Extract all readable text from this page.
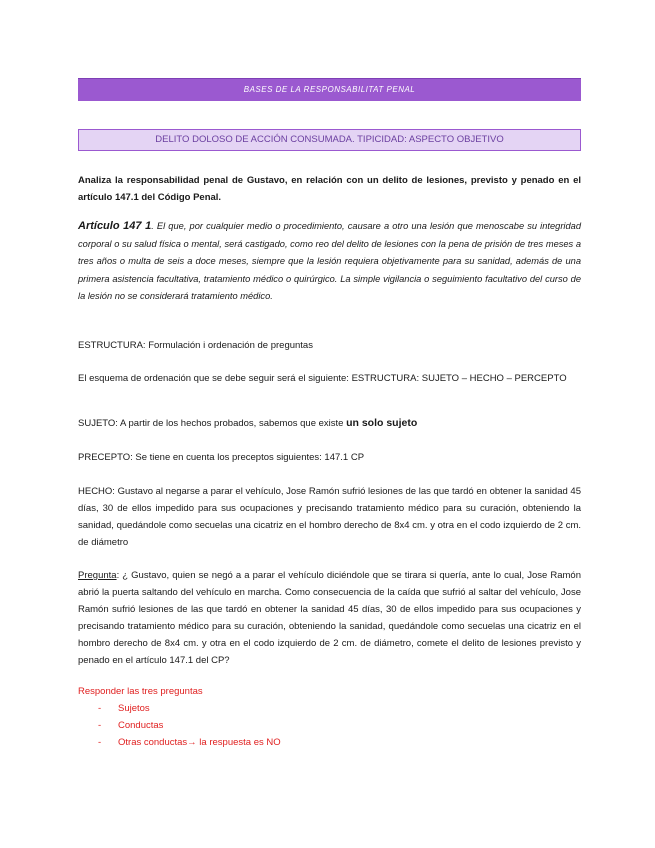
BASES DE LA RESPONSABILITAT PENAL
DELITO DOLOSO DE ACCIÓN CONSUMADA. TIPICIDAD: ASPECTO OBJETIVO
Analiza la responsabilidad penal de Gustavo, en relación con un delito de lesiones, previsto y penado en el artículo 147.1 del Código Penal.
Artículo 147 1. El que, por cualquier medio o procedimiento, causare a otro una lesión que menoscabe su integridad corporal o su salud física o mental, será castigado, como reo del delito de lesiones con la pena de prisión de tres meses a tres años o multa de seis a doce meses, siempre que la lesión requiera objetivamente para su sanidad, además de una primera asistencia facultativa, tratamiento médico o quirúrgico. La simple vigilancia o seguimiento facultativo del curso de la lesión no se considerará tratamiento médico.
ESTRUCTURA: Formulación i ordenación de preguntas
El esquema de ordenación que se debe seguir será el siguiente: ESTRUCTURA: SUJETO – HECHO – PERCEPTO
SUJETO: A partir de los hechos probados, sabemos que existe un solo sujeto
PRECEPTO: Se tiene en cuenta los preceptos siguientes: 147.1 CP
HECHO: Gustavo al negarse a parar el vehículo, Jose Ramón sufrió lesiones de las que tardó en obtener la sanidad 45 días, 30 de ellos impedido para sus ocupaciones y precisando tratamiento médico para su curación, obteniendo la sanidad, quedándole como secuelas una cicatriz en el hombro derecho de 8x4 cm. y otra en el codo izquierdo de 2 cm. de diámetro
Pregunta: ¿ Gustavo, quien se negó a a parar el vehículo diciéndole que se tirara si quería, ante lo cual, Jose Ramón abrió la puerta saltando del vehículo en marcha. Como consecuencia de la caída que sufrió al saltar del vehículo, Jose Ramón sufrió lesiones de las que tardó en obtener la sanidad 45 días, 30 de ellos impedido para sus ocupaciones y precisando tratamiento médico para su curación, obteniendo la sanidad, quedándole como secuelas una cicatriz en el hombro derecho de 8x4 cm. y otra en el codo izquierdo de 2 cm. de diámetro, comete el delito de lesiones previsto y penado en el artículo 147.1 del CP?
Responder las tres preguntas
- Sujetos
- Conductas
- Otras conductas→ la respuesta es NO
